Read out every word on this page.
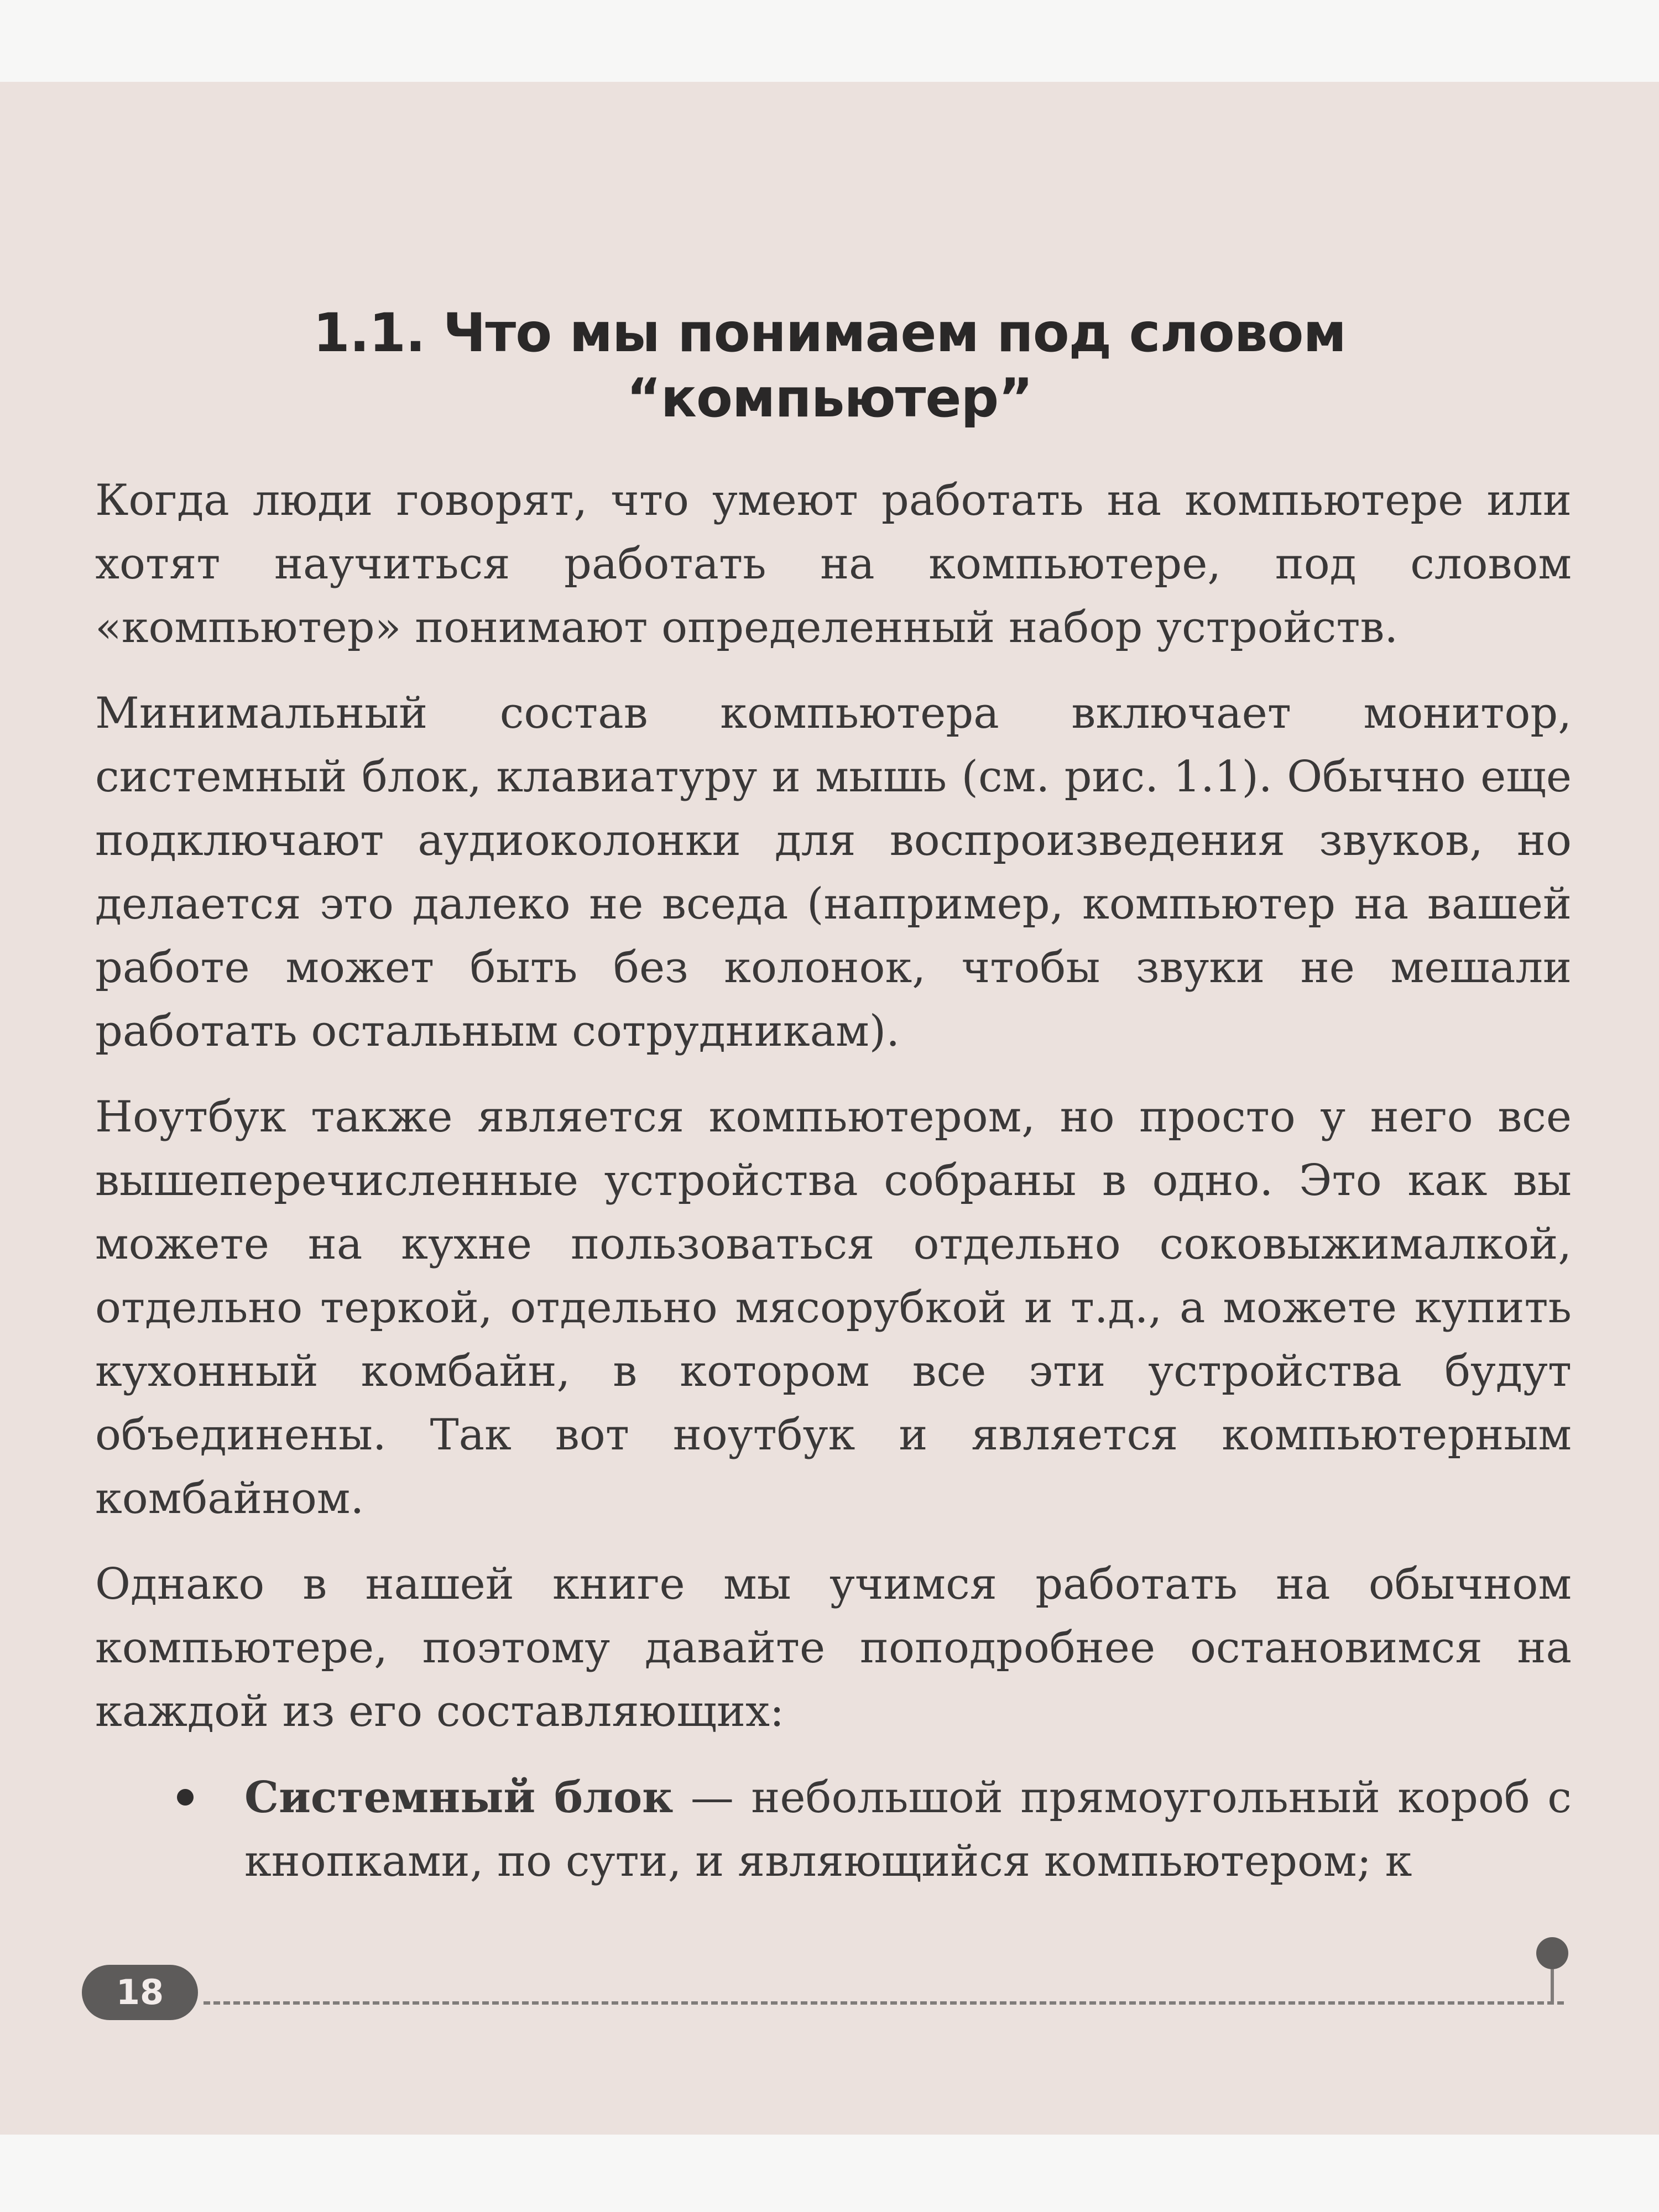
1.1. Что мы понимаем под словом
“компьютер”

Когда люди говорят, что умеют работать на компьютере или хотят научиться работать на компьютере, под словом «компьютер» понимают определенный набор устройств.

Минимальный состав компьютера включает монитор, системный блок, клавиатуру и мышь (см. рис. 1.1). Обычно еще подключают аудиоколонки для воспроизведения звуков, но делается это далеко не вседа (например, компьютер на вашей работе может быть без колонок, чтобы звуки не мешали работать остальным сотрудникам).

Ноутбук также является компьютером, но просто у него все вышеперечисленные устройства собраны в одно. Это как вы можете на кухне пользоваться отдельно соковыжималкой, отдельно теркой, отдельно мясорубкой и т.д., а можете купить кухонный комбайн, в котором все эти устройства будут объединены. Так вот ноутбук и является компьютерным комбайном.

Однако в нашей книге мы учимся работать на обычном компьютере, поэтому давайте поподробнее остановимся на каждой из его составляющих:

Системный блок — небольшой прямоугольный короб с кнопками, по сути, и являющийся компьютером; к
18
